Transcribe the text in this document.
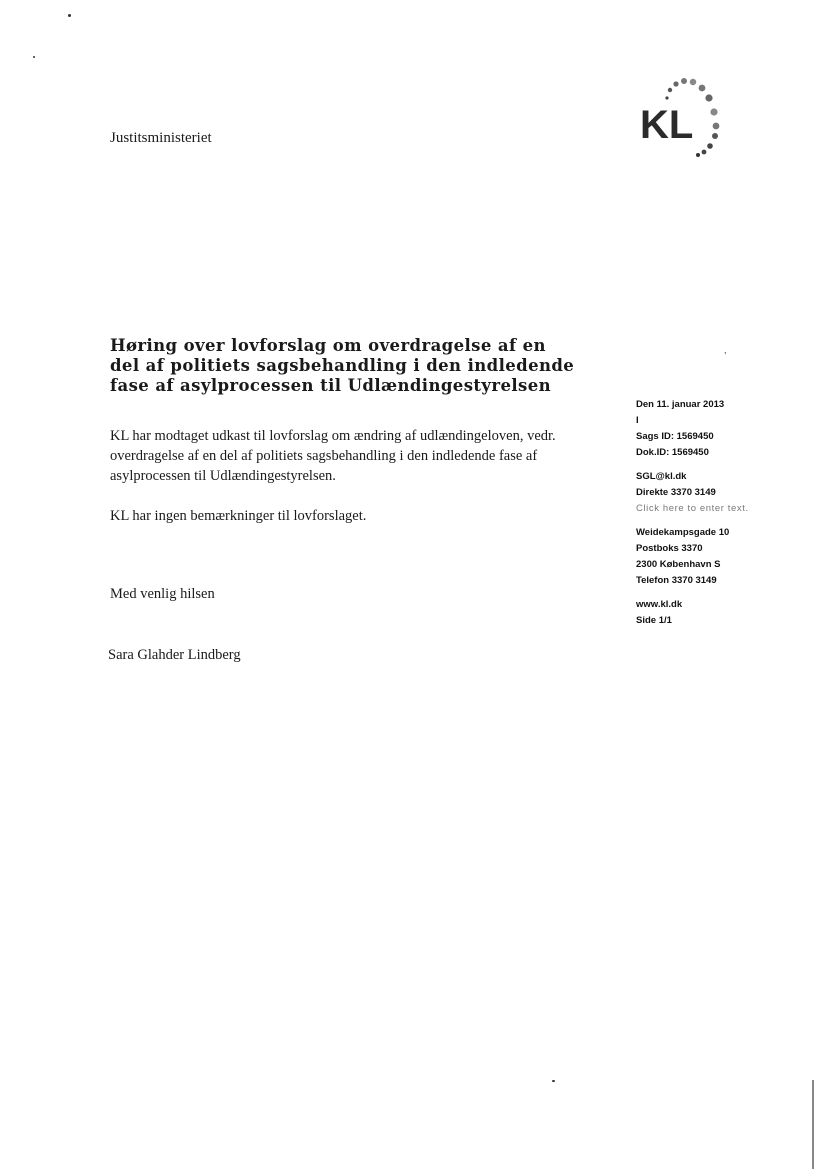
Justitsministeriet	KL
,
Høring over lovforslag om overdragelse af en del af politiets sagsbehandling i den indledende fase af asylprocessen til Udlændingestyrelsen

KL har modtaget udkast til lovforslag om ændring af udlændingeloven, vedr. overdragelse af en del af politiets sagsbehandling i den indledende fase af asylprocessen til Udlændingestyrelsen.

KL har ingen bemærkninger til lovforslaget.

Med venlig hilsen
Sara Glahder Lindberg
Den 11. januar 2013
I
Sags ID: 1569450
Dok.ID: 1569450
SGL@kl.dk
Direkte 3370 3149
Click here to enter text.
Weidekampsgade 10
Postboks 3370
2300 København S
Telefon 3370 3149
www.kl.dk
Side 1/1
